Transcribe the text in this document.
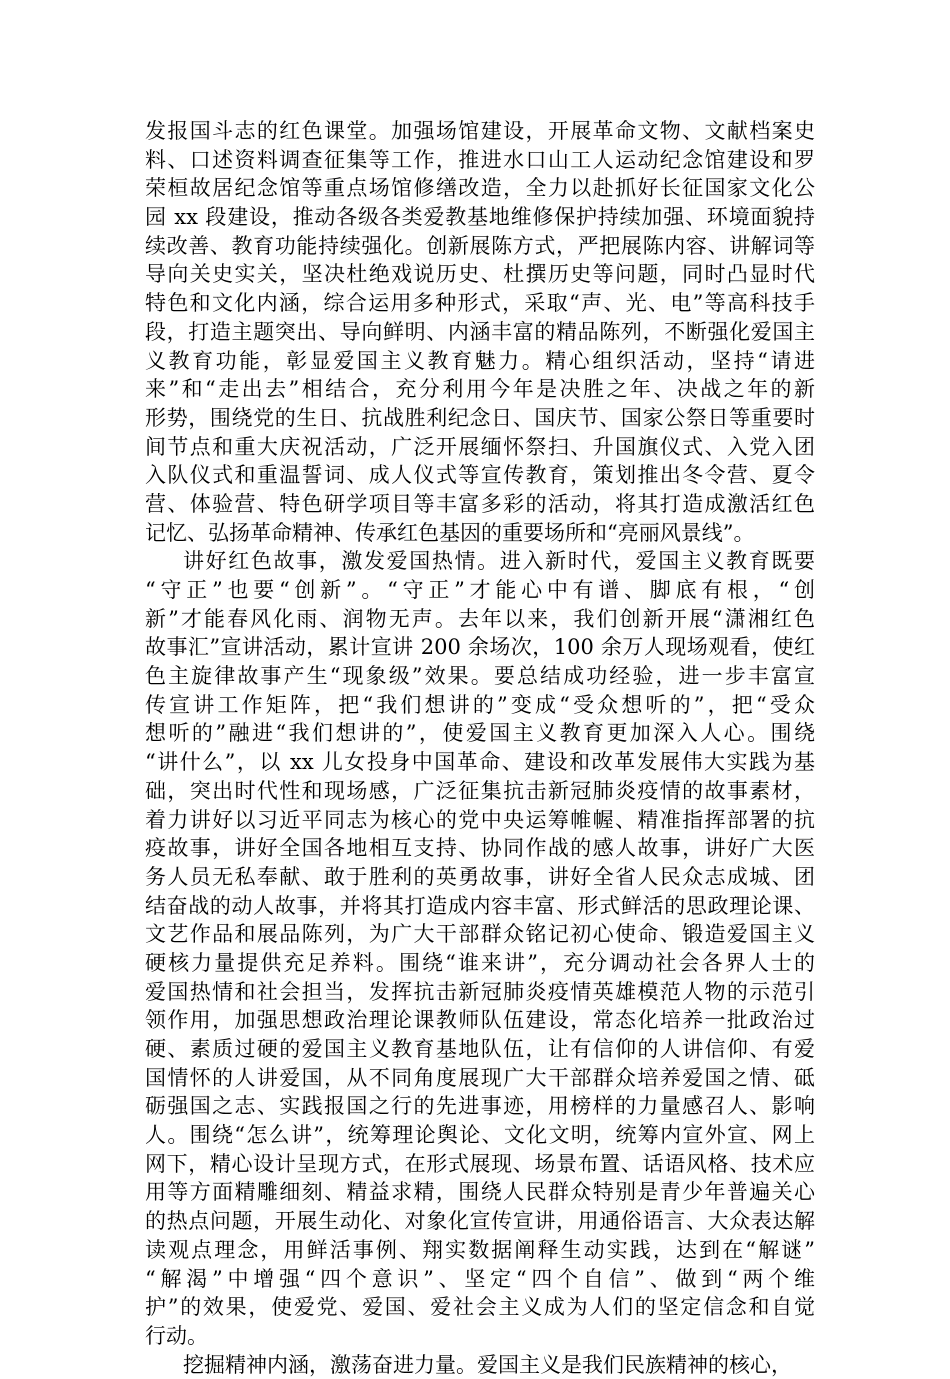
发报国斗志的红色课堂。加强场馆建设，开展革命文物、文献档案史
料、口述资料调查征集等工作，推进水口山工人运动纪念馆建设和罗
荣桓故居纪念馆等重点场馆修缮改造，全力以赴抓好长征国家文化公
园 xx 段建设，推动各级各类爱教基地维修保护持续加强、环境面貌持
续改善、教育功能持续强化。创新展陈方式，严把展陈内容、讲解词等
导向关史实关，坚决杜绝戏说历史、杜撰历史等问题，同时凸显时代
特色和文化内涵，综合运用多种形式，采取“声、光、电”等高科技手
段，打造主题突出、导向鲜明、内涵丰富的精品陈列，不断强化爱国主
义教育功能，彰显爱国主义教育魅力。精心组织活动，坚持“请进
来”和“走出去”相结合，充分利用今年是决胜之年、决战之年的新
形势，围绕党的生日、抗战胜利纪念日、国庆节、国家公祭日等重要时
间节点和重大庆祝活动，广泛开展缅怀祭扫、升国旗仪式、入党入团
入队仪式和重温誓词、成人仪式等宣传教育，策划推出冬令营、夏令
营、体验营、特色研学项目等丰富多彩的活动，将其打造成激活红色
记忆、弘扬革命精神、传承红色基因的重要场所和“亮丽风景线”。
讲好红色故事，激发爱国热情。进入新时代，爱国主义教育既要
“守正”也要“创新”。“守正”才能心中有谱、脚底有根，“创
新”才能春风化雨、润物无声。去年以来，我们创新开展“潇湘红色
故事汇”宣讲活动，累计宣讲 200 余场次，100 余万人现场观看，使红
色主旋律故事产生“现象级”效果。要总结成功经验，进一步丰富宣
传宣讲工作矩阵，把“我们想讲的”变成“受众想听的”，把“受众
想听的”融进“我们想讲的”，使爱国主义教育更加深入人心。围绕
“讲什么”，以 xx 儿女投身中国革命、建设和改革发展伟大实践为基
础，突出时代性和现场感，广泛征集抗击新冠肺炎疫情的故事素材，
着力讲好以习近平同志为核心的党中央运筹帷幄、精准指挥部署的抗
疫故事，讲好全国各地相互支持、协同作战的感人故事，讲好广大医
务人员无私奉献、敢于胜利的英勇故事，讲好全省人民众志成城、团
结奋战的动人故事，并将其打造成内容丰富、形式鲜活的思政理论课、
文艺作品和展品陈列，为广大干部群众铭记初心使命、锻造爱国主义
硬核力量提供充足养料。围绕“谁来讲”，充分调动社会各界人士的
爱国热情和社会担当，发挥抗击新冠肺炎疫情英雄模范人物的示范引
领作用，加强思想政治理论课教师队伍建设，常态化培养一批政治过
硬、素质过硬的爱国主义教育基地队伍，让有信仰的人讲信仰、有爱
国情怀的人讲爱国，从不同角度展现广大干部群众培养爱国之情、砥
砺强国之志、实践报国之行的先进事迹，用榜样的力量感召人、影响
人。围绕“怎么讲”，统筹理论舆论、文化文明，统筹内宣外宣、网上
网下，精心设计呈现方式，在形式展现、场景布置、话语风格、技术应
用等方面精雕细刻、精益求精，围绕人民群众特别是青少年普遍关心
的热点问题，开展生动化、对象化宣传宣讲，用通俗语言、大众表达解
读观点理念，用鲜活事例、翔实数据阐释生动实践，达到在“解谜”
“解渴”中增强“四个意识”、坚定“四个自信”、做到“两个维
护”的效果，使爱党、爱国、爱社会主义成为人们的坚定信念和自觉
行动。
挖掘精神内涵，激荡奋进力量。爱国主义是我们民族精神的核心，
